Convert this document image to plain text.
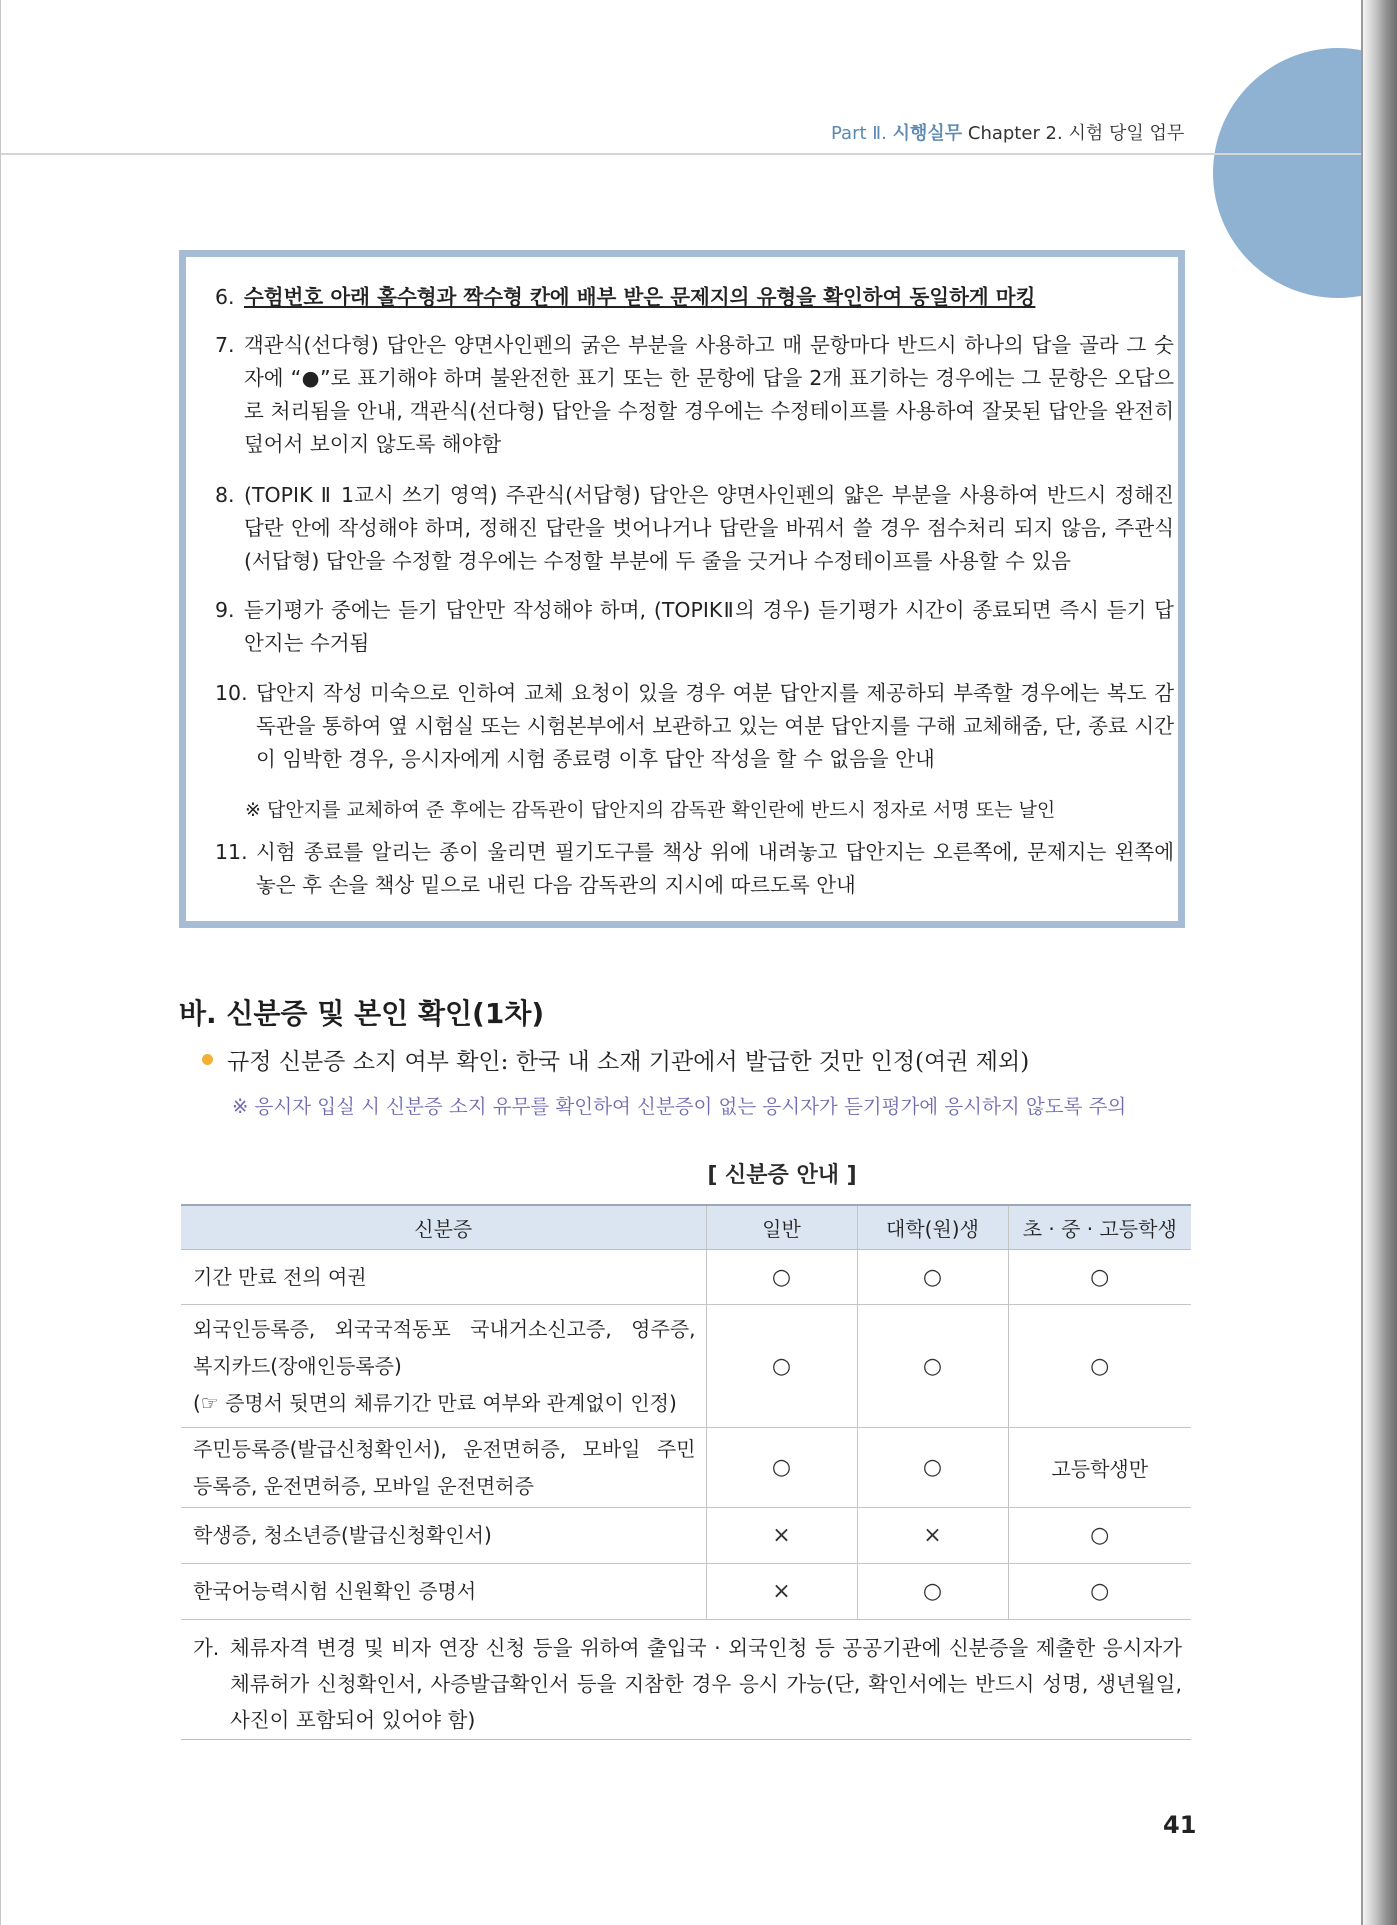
Part Ⅱ. 시행실무 Chapter 2. 시험 당일 업무
6. 수험번호 아래 홀수형과 짝수형 칸에 배부 받은 문제지의 유형을 확인하여 동일하게 마킹
7. 객관식(선다형) 답안은 양면사인펜의 굵은 부분을 사용하고 매 문항마다 반드시 하나의 답을 골라 그 숫자에 “●”로 표기해야 하며 불완전한 표기 또는 한 문항에 답을 2개 표기하는 경우에는 그 문항은 오답으로 처리됨을 안내, 객관식(선다형) 답안을 수정할 경우에는 수정테이프를 사용하여 잘못된 답안을 완전히 덮어서 보이지 않도록 해야함
8. (TOPIK Ⅱ 1교시 쓰기 영역) 주관식(서답형) 답안은 양면사인펜의 얇은 부분을 사용하여 반드시 정해진 답란 안에 작성해야 하며, 정해진 답란을 벗어나거나 답란을 바꿔서 쓸 경우 점수처리 되지 않음, 주관식(서답형) 답안을 수정할 경우에는 수정할 부분에 두 줄을 긋거나 수정테이프를 사용할 수 있음
9. 듣기평가 중에는 듣기 답안만 작성해야 하며, (TOPIKⅡ의 경우) 듣기평가 시간이 종료되면 즉시 듣기 답안지는 수거됨
10. 답안지 작성 미숙으로 인하여 교체 요청이 있을 경우 여분 답안지를 제공하되 부족할 경우에는 복도 감독관을 통하여 옆 시험실 또는 시험본부에서 보관하고 있는 여분 답안지를 구해 교체해줌, 단, 종료 시간이 임박한 경우, 응시자에게 시험 종료령 이후 답안 작성을 할 수 없음을 안내
※ 답안지를 교체하여 준 후에는 감독관이 답안지의 감독관 확인란에 반드시 정자로 서명 또는 날인
11. 시험 종료를 알리는 종이 울리면 필기도구를 책상 위에 내려놓고 답안지는 오른쪽에, 문제지는 왼쪽에 놓은 후 손을 책상 밑으로 내린 다음 감독관의 지시에 따르도록 안내
바. 신분증 및 본인 확인(1차)
규정 신분증 소지 여부 확인: 한국 내 소재 기관에서 발급한 것만 인정(여권 제외)
※ 응시자 입실 시 신분증 소지 유무를 확인하여 신분증이 없는 응시자가 듣기평가에 응시하지 않도록 주의
[ 신분증 안내 ]
신분증	일반	대학(원)생	초 · 중 · 고등학생
기간 만료 전의 여권	○	○	○

외국인등록증, 외국국적동포 국내거소신고증, 영주증,
복지카드(장애인등록증)
(☞ 증명서 뒷면의 체류기간 만료 여부와 관계없이 인정)	○	○	○

주민등록증(발급신청확인서), 운전면허증, 모바일 주민
등록증, 운전면허증, 모바일 운전면허증	○	○	고등학생만
학생증, 청소년증(발급신청확인서)	×	×	○
한국어능력시험 신원확인 증명서	×	○	○
가. 체류자격 변경 및 비자 연장 신청 등을 위하여 출입국 · 외국인청 등 공공기관에 신분증을 제출한 응시자가 체류허가 신청확인서, 사증발급확인서 등을 지참한 경우 응시 가능(단, 확인서에는 반드시 성명, 생년월일, 사진이 포함되어 있어야 함)
41
